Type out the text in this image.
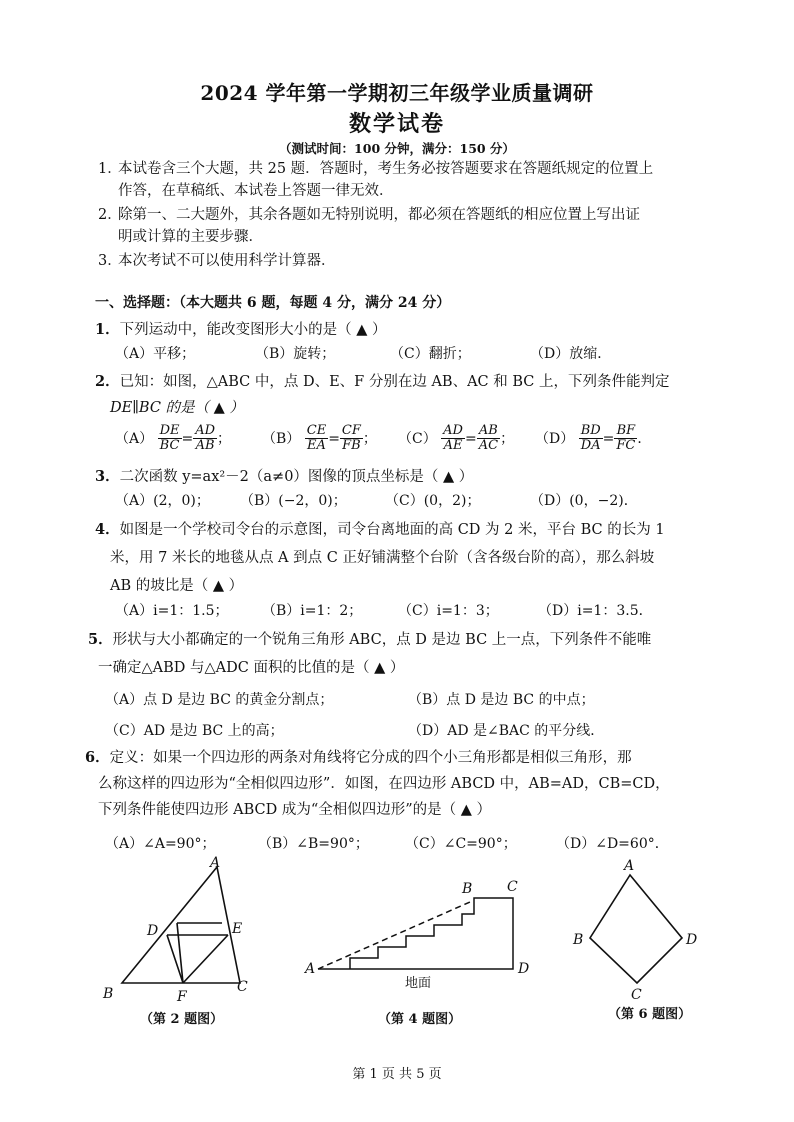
2024 学年第一学期初三年级学业质量调研
数学试卷
（测试时间：100 分钟，满分：150 分）
1．
本试卷含三个大题，共 25 题．答题时，考生务必按答题要求在答题纸规定的位置上
作答，在草稿纸、本试卷上答题一律无效．
2．
除第一、二大题外，其余各题如无特别说明，都必须在答题纸的相应位置上写出证
明或计算的主要步骤．
3．
本次考试不可以使用科学计算器．
一、选择题：（本大题共 6 题，每题 4 分，满分 24 分）
1．下列运动中，能改变图形大小的是（ ▲ ）
（A）平移；	（B）旋转；	（C）翻折；	（D）放缩．
2．已知：如图，△ABC 中，点 D、E、F 分别在边 AB、AC 和 BC 上，下列条件能判定
DE∥BC 的是（ ▲ ）
$(A) \frac{DE}{BC} = \frac{AD}{AB}$ ； $(B) \frac{CE}{EA} = \frac{CF}{FB}$ ； $(C) \frac{AD}{AE} = \frac{AB}{AC}$ ； $(D) \frac{BD}{DA} = \frac{BF}{FC}$ ．
3．二次函数 y=ax²－2（a≠0）图像的顶点坐标是（ ▲ ）
（A）(2，0)； （B）(−2，0)；	（C）(0，2)；	（D）(0，−2)．
4．如图是一个学校司令台的示意图，司令台离地面的高 CD 为 2 米，平台 BC 的长为 1
米，用 7 米长的地毯从点 A 到点 C 正好铺满整个台阶（含各级台阶的高），那么斜坡
AB 的坡比是（ ▲ ）
（A）i=1：1.5； （B）i=1：2；	（C）i=1：3；	（D）i=1：3.5．
5．形状与大小都确定的一个锐角三角形 ABC，点 D 是边 BC 上一点，下列条件不能唯
一确定△ABD 与△ADC 面积的比值的是（ ▲ ）
（A）点 D 是边 BC 的黄金分割点；	（B）点 D 是边 BC 的中点；
（C）AD 是边 BC 上的高；	（D）AD 是∠BAC 的平分线．
6．定义：如果一个四边形的两条对角线将它分成的四个小三角形都是相似三角形，那
么称这样的四边形为“全相似四边形”．如图，在四边形 ABCD 中，AB=AD，CB=CD，
下列条件能使四边形 ABCD 成为“全相似四边形”的是（ ▲ ）
（A）∠A=90°；	（B）∠B=90°；	（C）∠C=90°；	（D）∠D=60°．
A
B	C
D	E
F
（第 2 题图）
A
B C
D
地面
（第 4 题图）
A
B
C
D
（第 6 题图）
第 1 页 共 5 页
